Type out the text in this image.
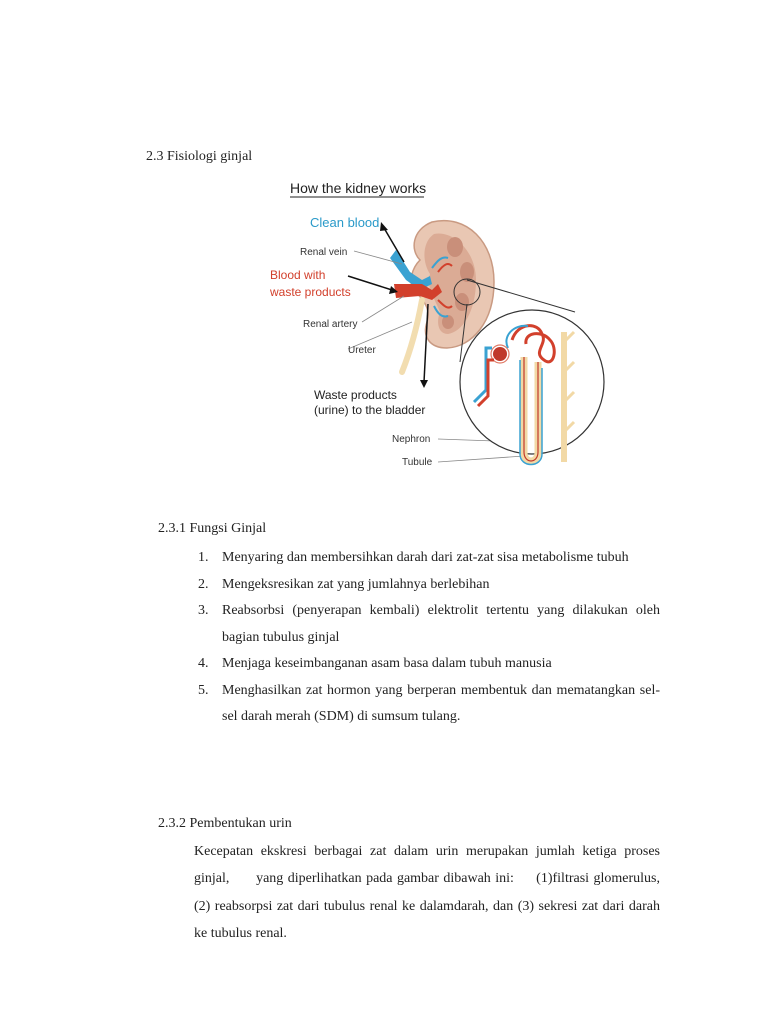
2.3 Fisiologi ginjal
How the kidney works
Clean blood
Renal vein
Blood with
waste products
Renal artery
Ureter
Waste products
(urine) to the bladder
Nephron
Tubule
2.3.1 Fungsi Ginjal
1. Menyaring dan membersihkan darah dari zat-zat sisa metabolisme tubuh
2. Mengeksresikan zat yang jumlahnya berlebihan
3. Reabsorbsi (penyerapan kembali) elektrolit tertentu yang dilakukan oleh bagian tubulus ginjal
4. Menjaga keseimbanganan asam basa dalam tubuh manusia
5. Menghasilkan zat hormon yang berperan membentuk dan mematangkan sel-sel darah merah (SDM) di sumsum tulang.
2.3.2 Pembentukan urin
Kecepatan ekskresi berbagai zat dalam urin merupakan jumlah ketiga proses ginjal,      yang diperlihatkan pada gambar dibawah ini:     (1)filtrasi glomerulus, (2) reabsorpsi zat dari tubulus renal ke dalamdarah, dan (3) sekresi zat dari darah ke tubulus renal.
